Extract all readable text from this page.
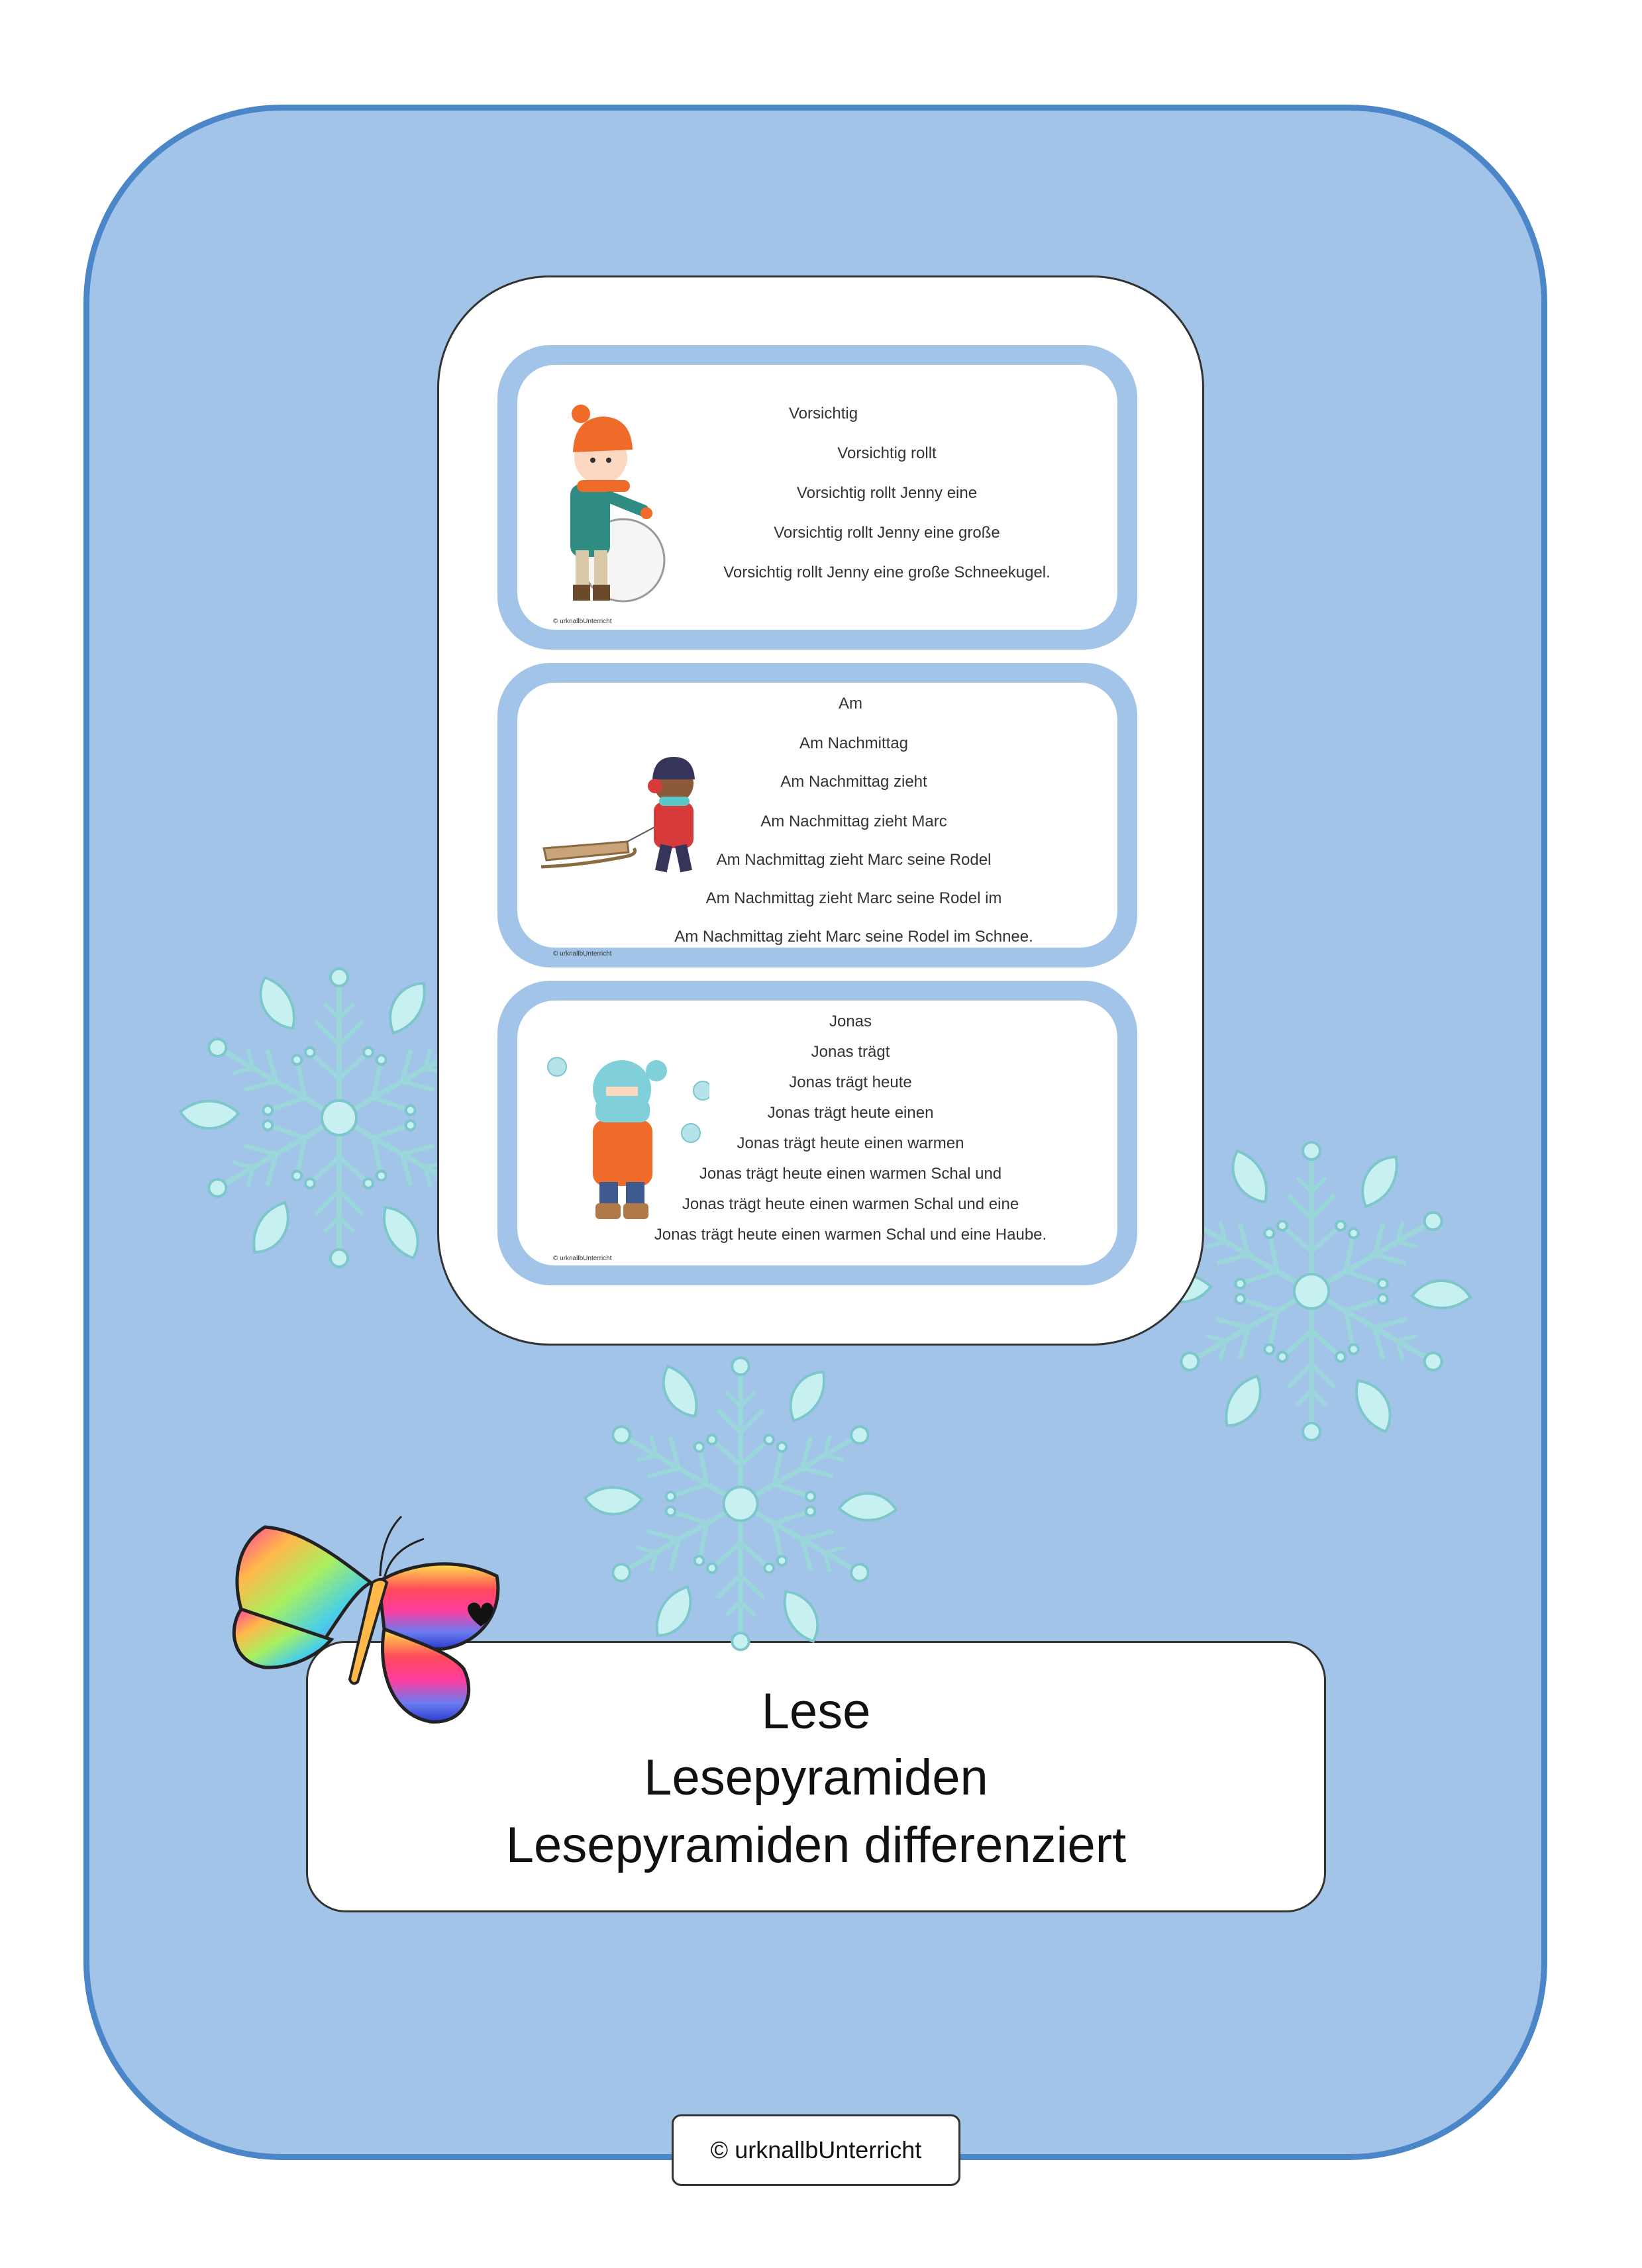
Vorsichtig
Vorsichtig rollt
Vorsichtig rollt Jenny eine
Vorsichtig rollt Jenny eine große
Vorsichtig rollt Jenny eine große Schneekugel.
© urknallbUnterricht
Am
Am Nachmittag
Am Nachmittag zieht
Am Nachmittag zieht Marc
Am Nachmittag zieht Marc seine Rodel
Am Nachmittag zieht Marc seine Rodel im
Am Nachmittag zieht Marc seine Rodel im Schnee.
© urknallbUnterricht
Jonas
Jonas trägt
Jonas trägt heute
Jonas trägt heute einen
Jonas trägt heute einen warmen
Jonas trägt heute einen warmen Schal und
Jonas trägt heute einen warmen Schal und eine
Jonas trägt heute einen warmen Schal und eine Haube.
© urknallbUnterricht
Lese
Lesepyramiden
Lesepyramiden differenziert
© urknallbUnterricht
